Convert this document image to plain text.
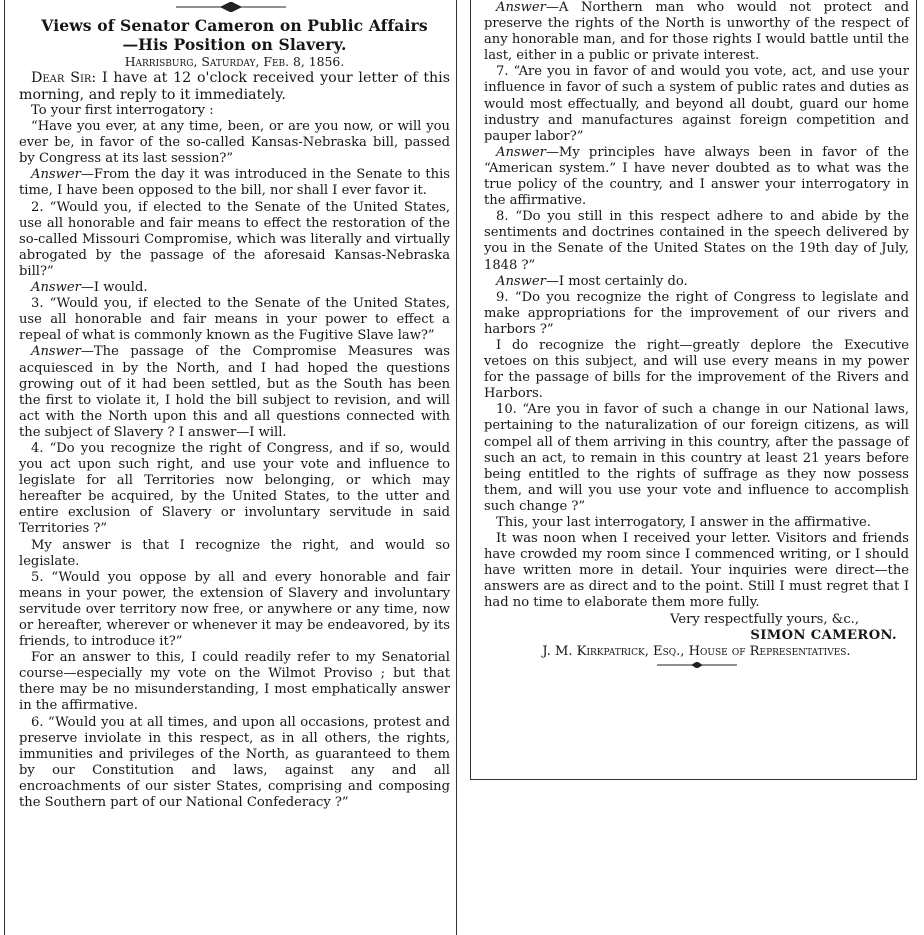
Views of Senator Cameron on Public Affairs
—His Position on Slavery.

Harrisburg, Saturday, Feb. 8, 1856.

Dear Sir: I have at 12 o'clock received your letter of this morning, and reply to it immediately.

To your first interrogatory :

“Have you ever, at any time, been, or are you now, or will you ever be, in favor of the so-called Kansas-Nebraska bill, passed by Congress at its last session?”

Answer—From the day it was introduced in the Senate to this time, I have been opposed to the bill, nor shall I ever favor it.

2. “Would you, if elected to the Senate of the United States, use all honorable and fair means to effect the restoration of the so-called Missouri Compromise, which was literally and virtually abrogated by the passage of the aforesaid Kansas-Nebraska bill?”

Answer—I would.

3. “Would you, if elected to the Senate of the United States, use all honorable and fair means in your power to effect a repeal of what is commonly known as the Fugitive Slave law?”

Answer—The passage of the Compromise Measures was acquiesced in by the North, and I had hoped the questions growing out of it had been settled, but as the South has been the first to violate it, I hold the bill subject to revision, and will act with the North upon this and all questions connected with the subject of Slavery ? I answer—I will.

4. “Do you recognize the right of Congress, and if so, would you act upon such right, and use your vote and influence to legislate for all Territories now belonging, or which may hereafter be acquired, by the United States, to the utter and entire exclusion of Slavery or involuntary servitude in said Territories ?”

My answer is that I recognize the right, and would so legislate.

5. “Would you oppose by all and every honorable and fair means in your power, the extension of Slavery and involuntary servitude over territory now free, or anywhere or any time, now or hereafter, wherever or whenever it may be endeavored, by its friends, to introduce it?”

For an answer to this, I could readily refer to my Senatorial course—especially my vote on the Wilmot Proviso ; but that there may be no misunderstanding, I most emphatically answer in the affirmative.

6. “Would you at all times, and upon all occasions, protest and preserve inviolate in this respect, as in all others, the rights, immunities and privileges of the North, as guaranteed to them by our Constitution and laws, against any and all encroachments of our sister States, comprising and composing the Southern part of our National Confederacy ?”

Answer—A Northern man who would not protect and preserve the rights of the North is unworthy of the respect of any honorable man, and for those rights I would battle until the last, either in a public or private interest.

7. “Are you in favor of and would you vote, act, and use your influence in favor of such a system of public rates and duties as would most effectually, and beyond all doubt, guard our home industry and manufactures against foreign competition and pauper labor?”

Answer—My principles have always been in favor of the “American system.” I have never doubted as to what was the true policy of the country, and I answer your interrogatory in the affirmative.

8. “Do you still in this respect adhere to and abide by the sentiments and doctrines contained in the speech delivered by you in the Senate of the United States on the 19th day of July, 1848 ?”

Answer—I most certainly do.

9. “Do you recognize the right of Congress to legislate and make appropriations for the improvement of our rivers and harbors ?”

I do recognize the right—greatly deplore the Executive vetoes on this subject, and will use every means in my power for the passage of bills for the improvement of the Rivers and Harbors.

10. “Are you in favor of such a change in our National laws, pertaining to the naturalization of our foreign citizens, as will compel all of them arriving in this country, after the passage of such an act, to remain in this country at least 21 years before being entitled to the rights of suffrage as they now possess them, and will you use your vote and influence to accomplish such change ?”

This, your last interrogatory, I answer in the affirmative.

It was noon when I received your letter. Visitors and friends have crowded my room since I commenced writing, or I should have written more in detail. Your inquiries were direct—the answers are as direct and to the point. Still I must regret that I had no time to elaborate them more fully.

Very respectfully yours, &c.,

SIMON CAMERON.

J. M. Kirkpatrick, Esq., House of Representatives.
